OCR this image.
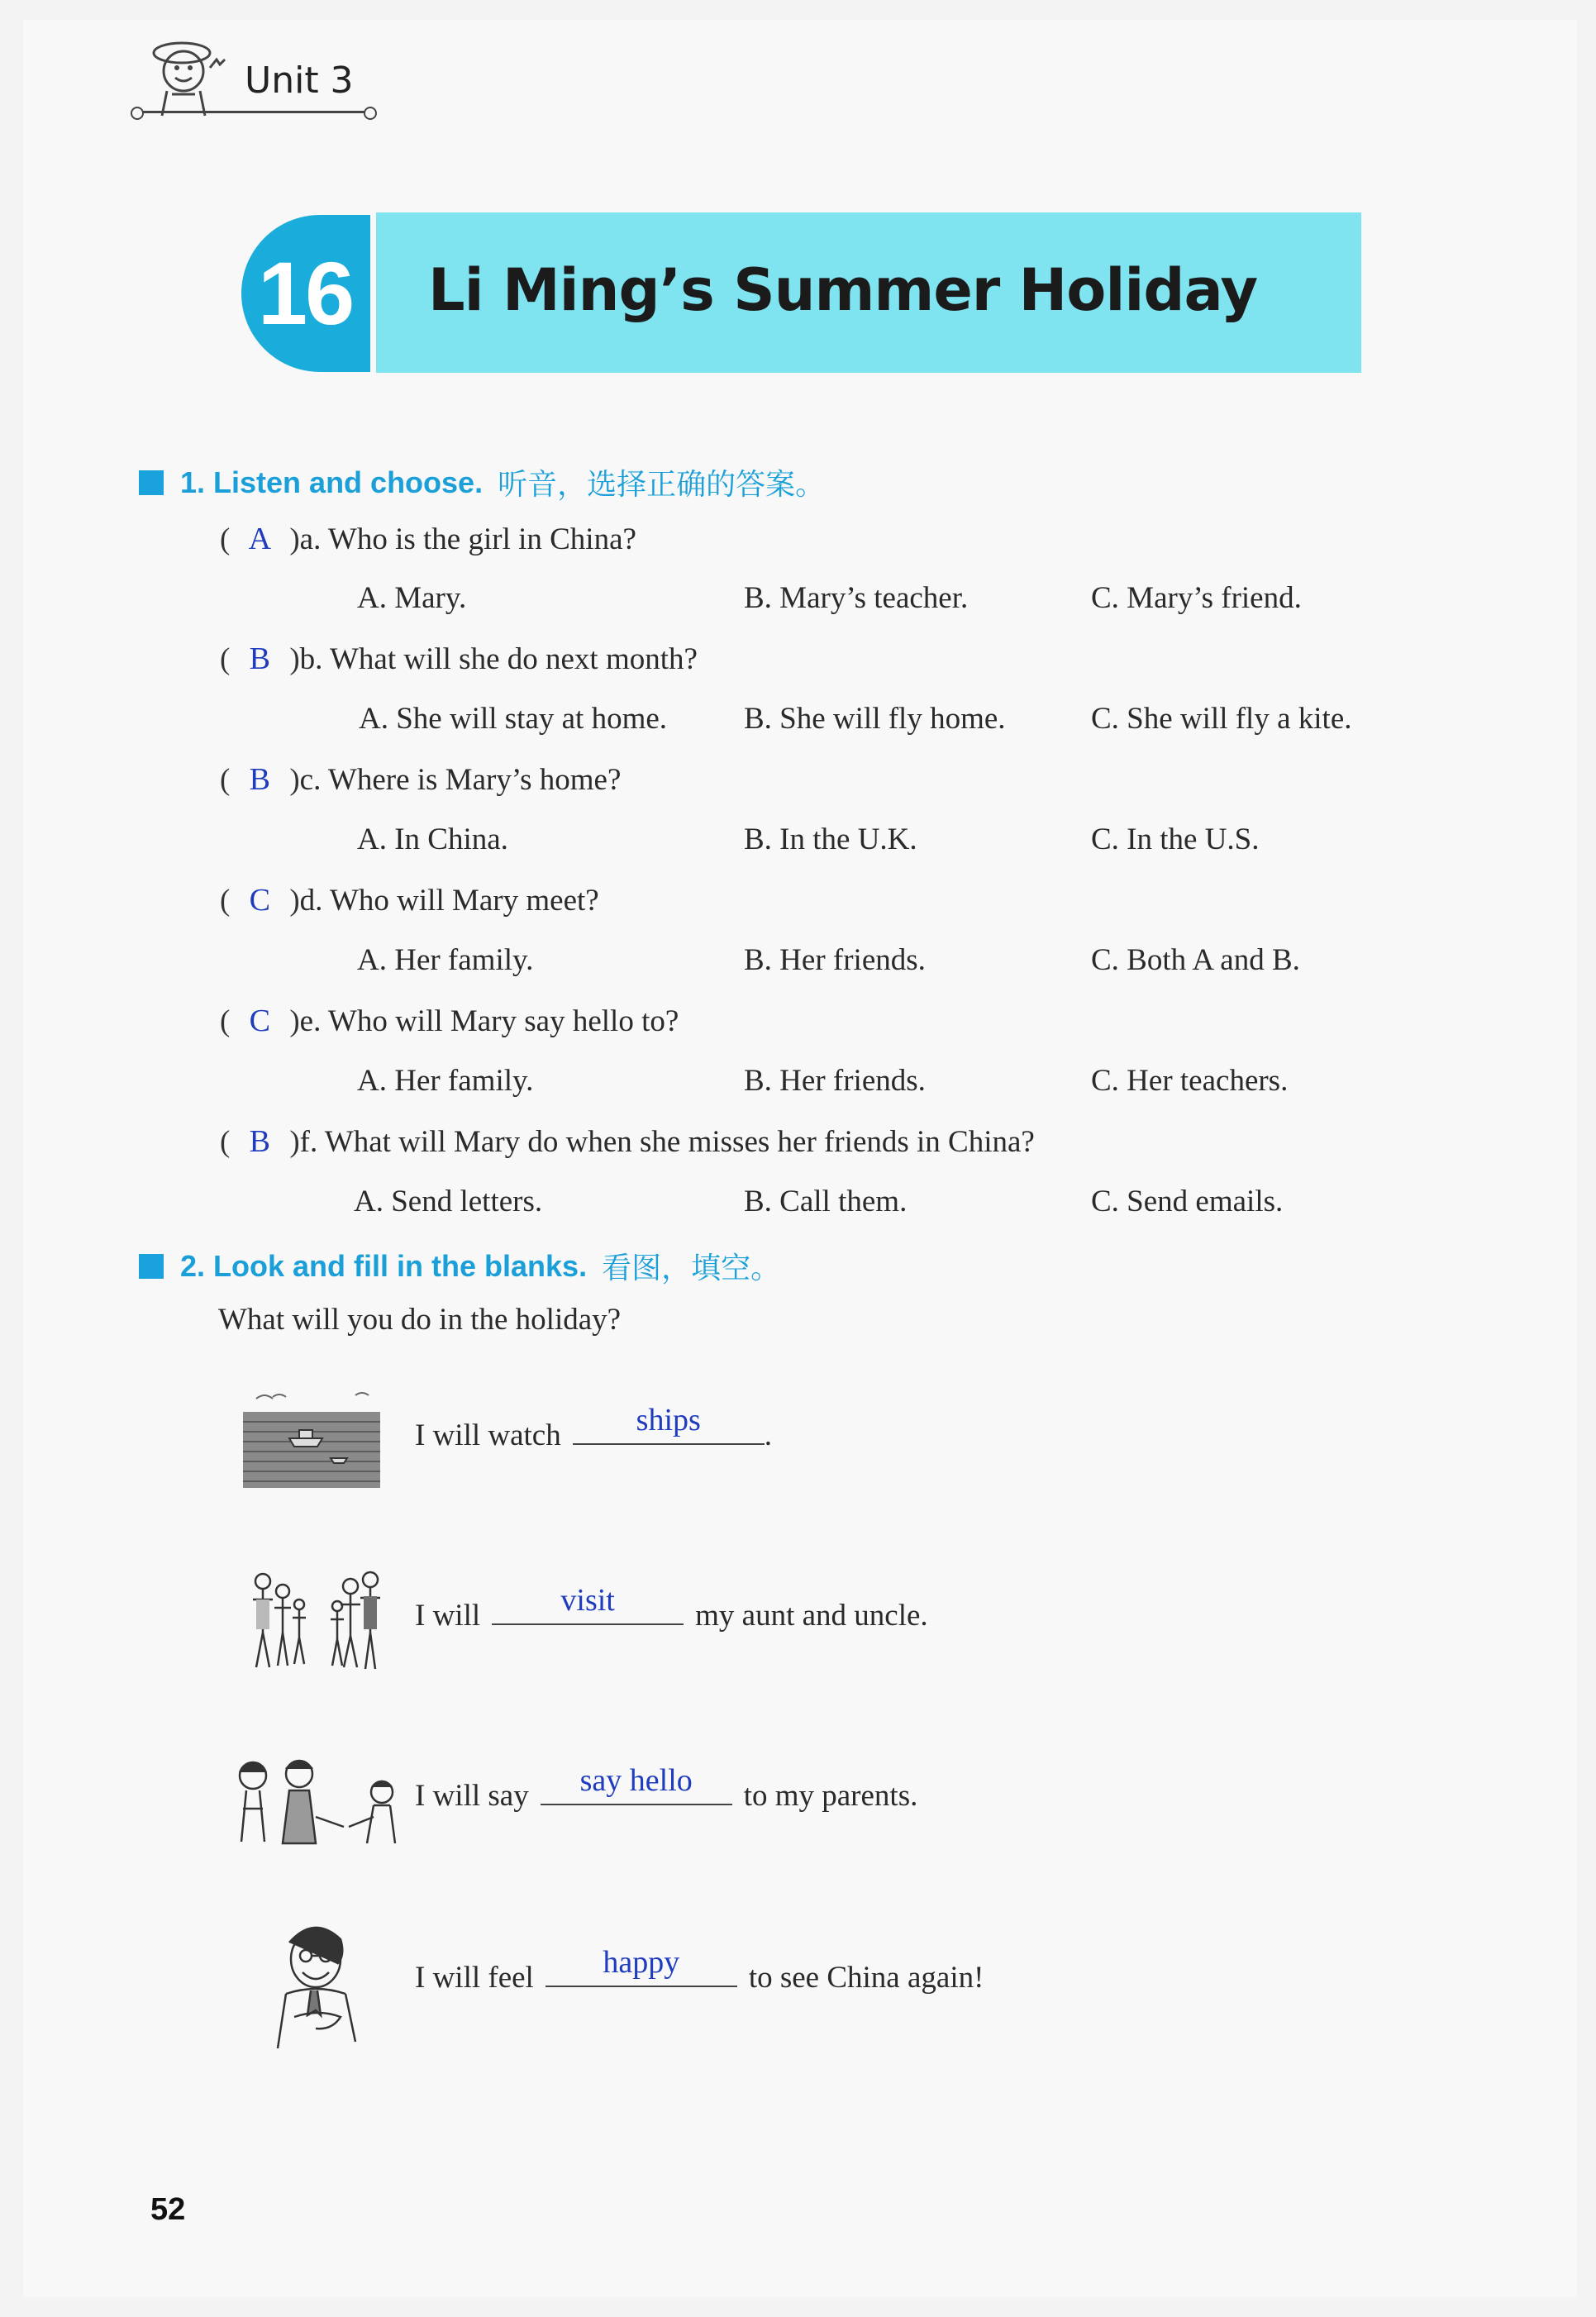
Unit 3
16 Li Ming’s Summer Holiday
1. Listen and choose. 听音，选择正确的答案。
( A )a. Who is the girl in China?
A. Mary.	B. Mary’s teacher.	C. Mary’s friend.
( B )b. What will she do next month?
A. She will stay at home.	B. She will fly home.	C. She will fly a kite.
( B )c. Where is Mary’s home?
A. In China.	B. In the U.K.	C. In the U.S.
( C )d. Who will Mary meet?
A. Her family.	B. Her friends.	C. Both A and B.
( C )e. Who will Mary say hello to?
A. Her family.	B. Her friends.	C. Her teachers.
( B )f. What will Mary do when she misses her friends in China?
A. Send letters.	B. Call them.	C. Send emails.
2. Look and fill in the blanks. 看图，填空。
What will you do in the holiday?
I will watch	ships	.
I will	visit	my aunt and uncle.
I will say	say hello	to my parents.
I will feel	happy	to see China again!
52
